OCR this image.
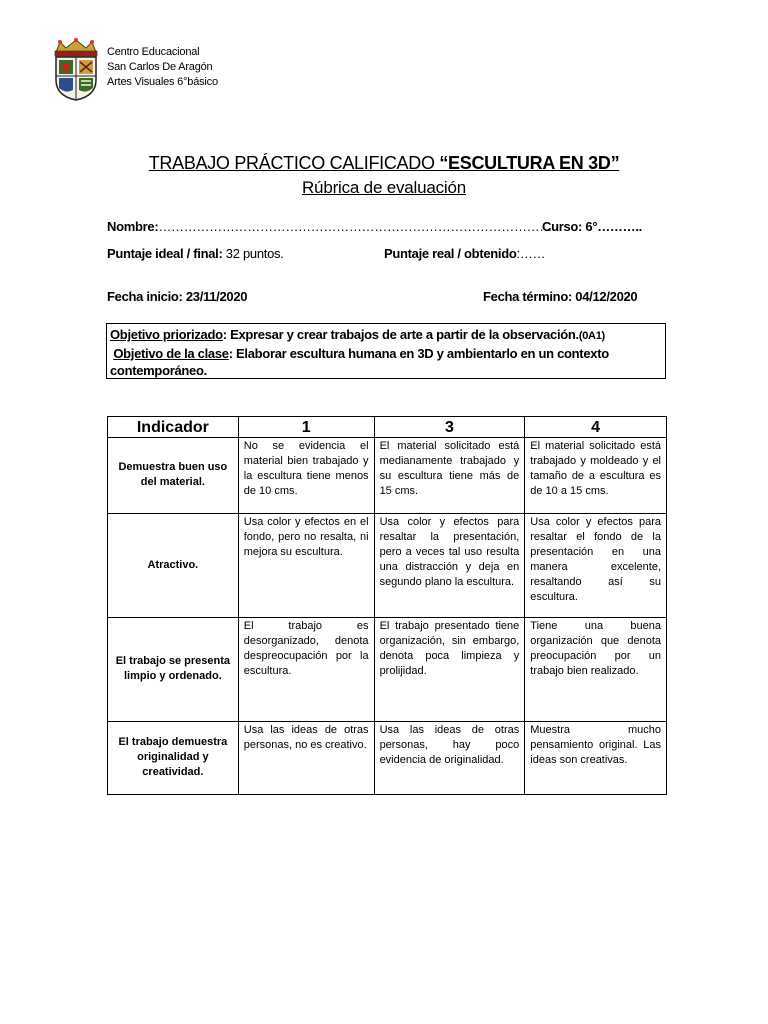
Centro Educacional
San Carlos De Aragón
Artes Visuales 6°básico
TRABAJO PRÁCTICO CALIFICADO “ESCULTURA EN 3D”
Rúbrica de evaluación
Nombre:…………………………………………………………………………………
Curso: 6°………..
Puntaje ideal / final: 32 puntos.	Puntaje real / obtenido:……
Fecha inicio: 23/11/2020	Fecha término: 04/12/2020
Objetivo priorizado: Expresar y crear trabajos de arte a partir de la observación.(0A1)
Objetivo de la clase: Elaborar escultura humana en 3D y ambientarlo en un contexto contemporáneo.
Indicador	1	3	4
Demuestra buen uso del material.	No se evidencia el material bien trabajado y la escultura tiene menos de 10 cms.	El material solicitado está medianamente trabajado y su escultura tiene más de 15 cms.	El material solicitado está trabajado y moldeado y el tamaño de a escultura es de 10 a 15 cms.
Atractivo.	Usa color y efectos en el fondo, pero no resalta, ni mejora su escultura.	Usa color y efectos para resaltar la presentación, pero a veces tal uso resulta una distracción y deja en segundo plano la escultura.	Usa color y efectos para resaltar el fondo de la presentación en una manera excelente, resaltando así su escultura.
El trabajo se presenta limpio y ordenado.	El trabajo es desorganizado, denota despreocupación por la escultura.	El trabajo presentado tiene organización, sin embargo, denota poca limpieza y prolijidad.	Tiene una buena organización que denota preocupación por un trabajo bien realizado.
El trabajo demuestra originalidad y creatividad.	Usa las ideas de otras personas, no es creativo.	Usa las ideas de otras personas, hay poco evidencia de originalidad.	Muestra mucho pensamiento original. Las ideas son creativas.
